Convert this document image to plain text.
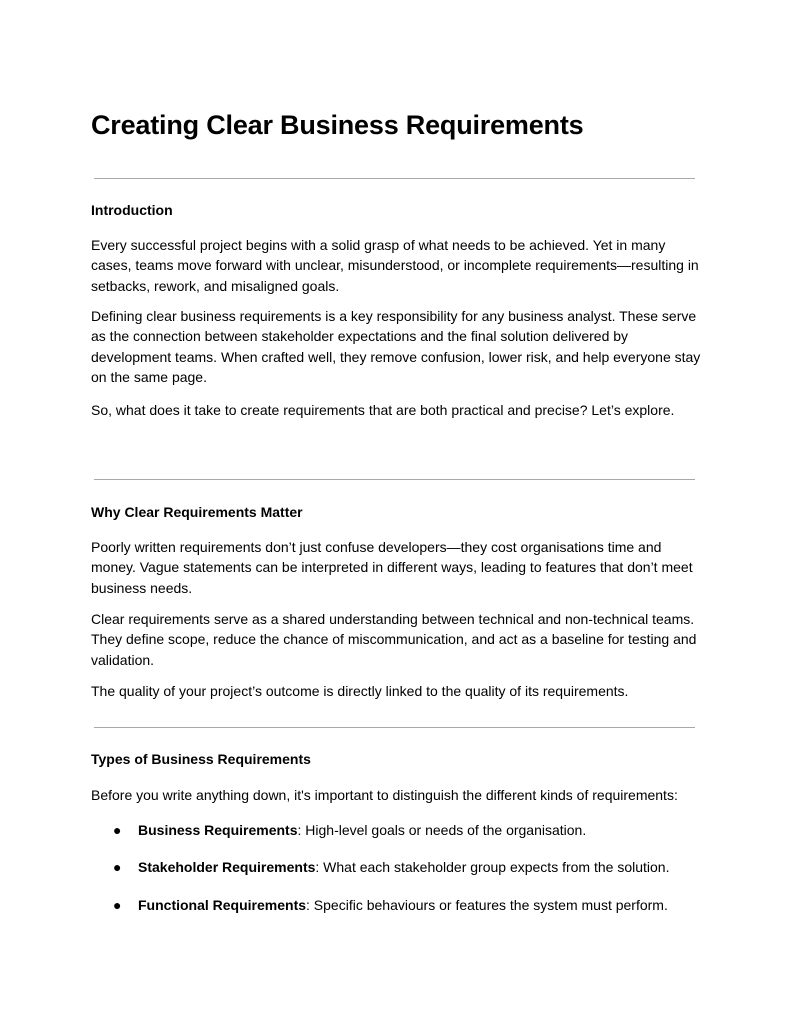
Creating Clear Business Requirements
Introduction

Every successful project begins with a solid grasp of what needs to be achieved. Yet in many cases, teams move forward with unclear, misunderstood, or incomplete requirements—resulting in setbacks, rework, and misaligned goals.

Defining clear business requirements is a key responsibility for any business analyst. These serve as the connection between stakeholder expectations and the final solution delivered by development teams. When crafted well, they remove confusion, lower risk, and help everyone stay on the same page.

So, what does it take to create requirements that are both practical and precise? Let’s explore.

Why Clear Requirements Matter

Poorly written requirements don’t just confuse developers—they cost organisations time and money. Vague statements can be interpreted in different ways, leading to features that don’t meet business needs.

Clear requirements serve as a shared understanding between technical and non-technical teams. They define scope, reduce the chance of miscommunication, and act as a baseline for testing and validation.

The quality of your project’s outcome is directly linked to the quality of its requirements.

Types of Business Requirements

Before you write anything down, it's important to distinguish the different kinds of requirements:

● Business Requirements: High-level goals or needs of the organisation.
● Stakeholder Requirements: What each stakeholder group expects from the solution.
● Functional Requirements: Specific behaviours or features the system must perform.
